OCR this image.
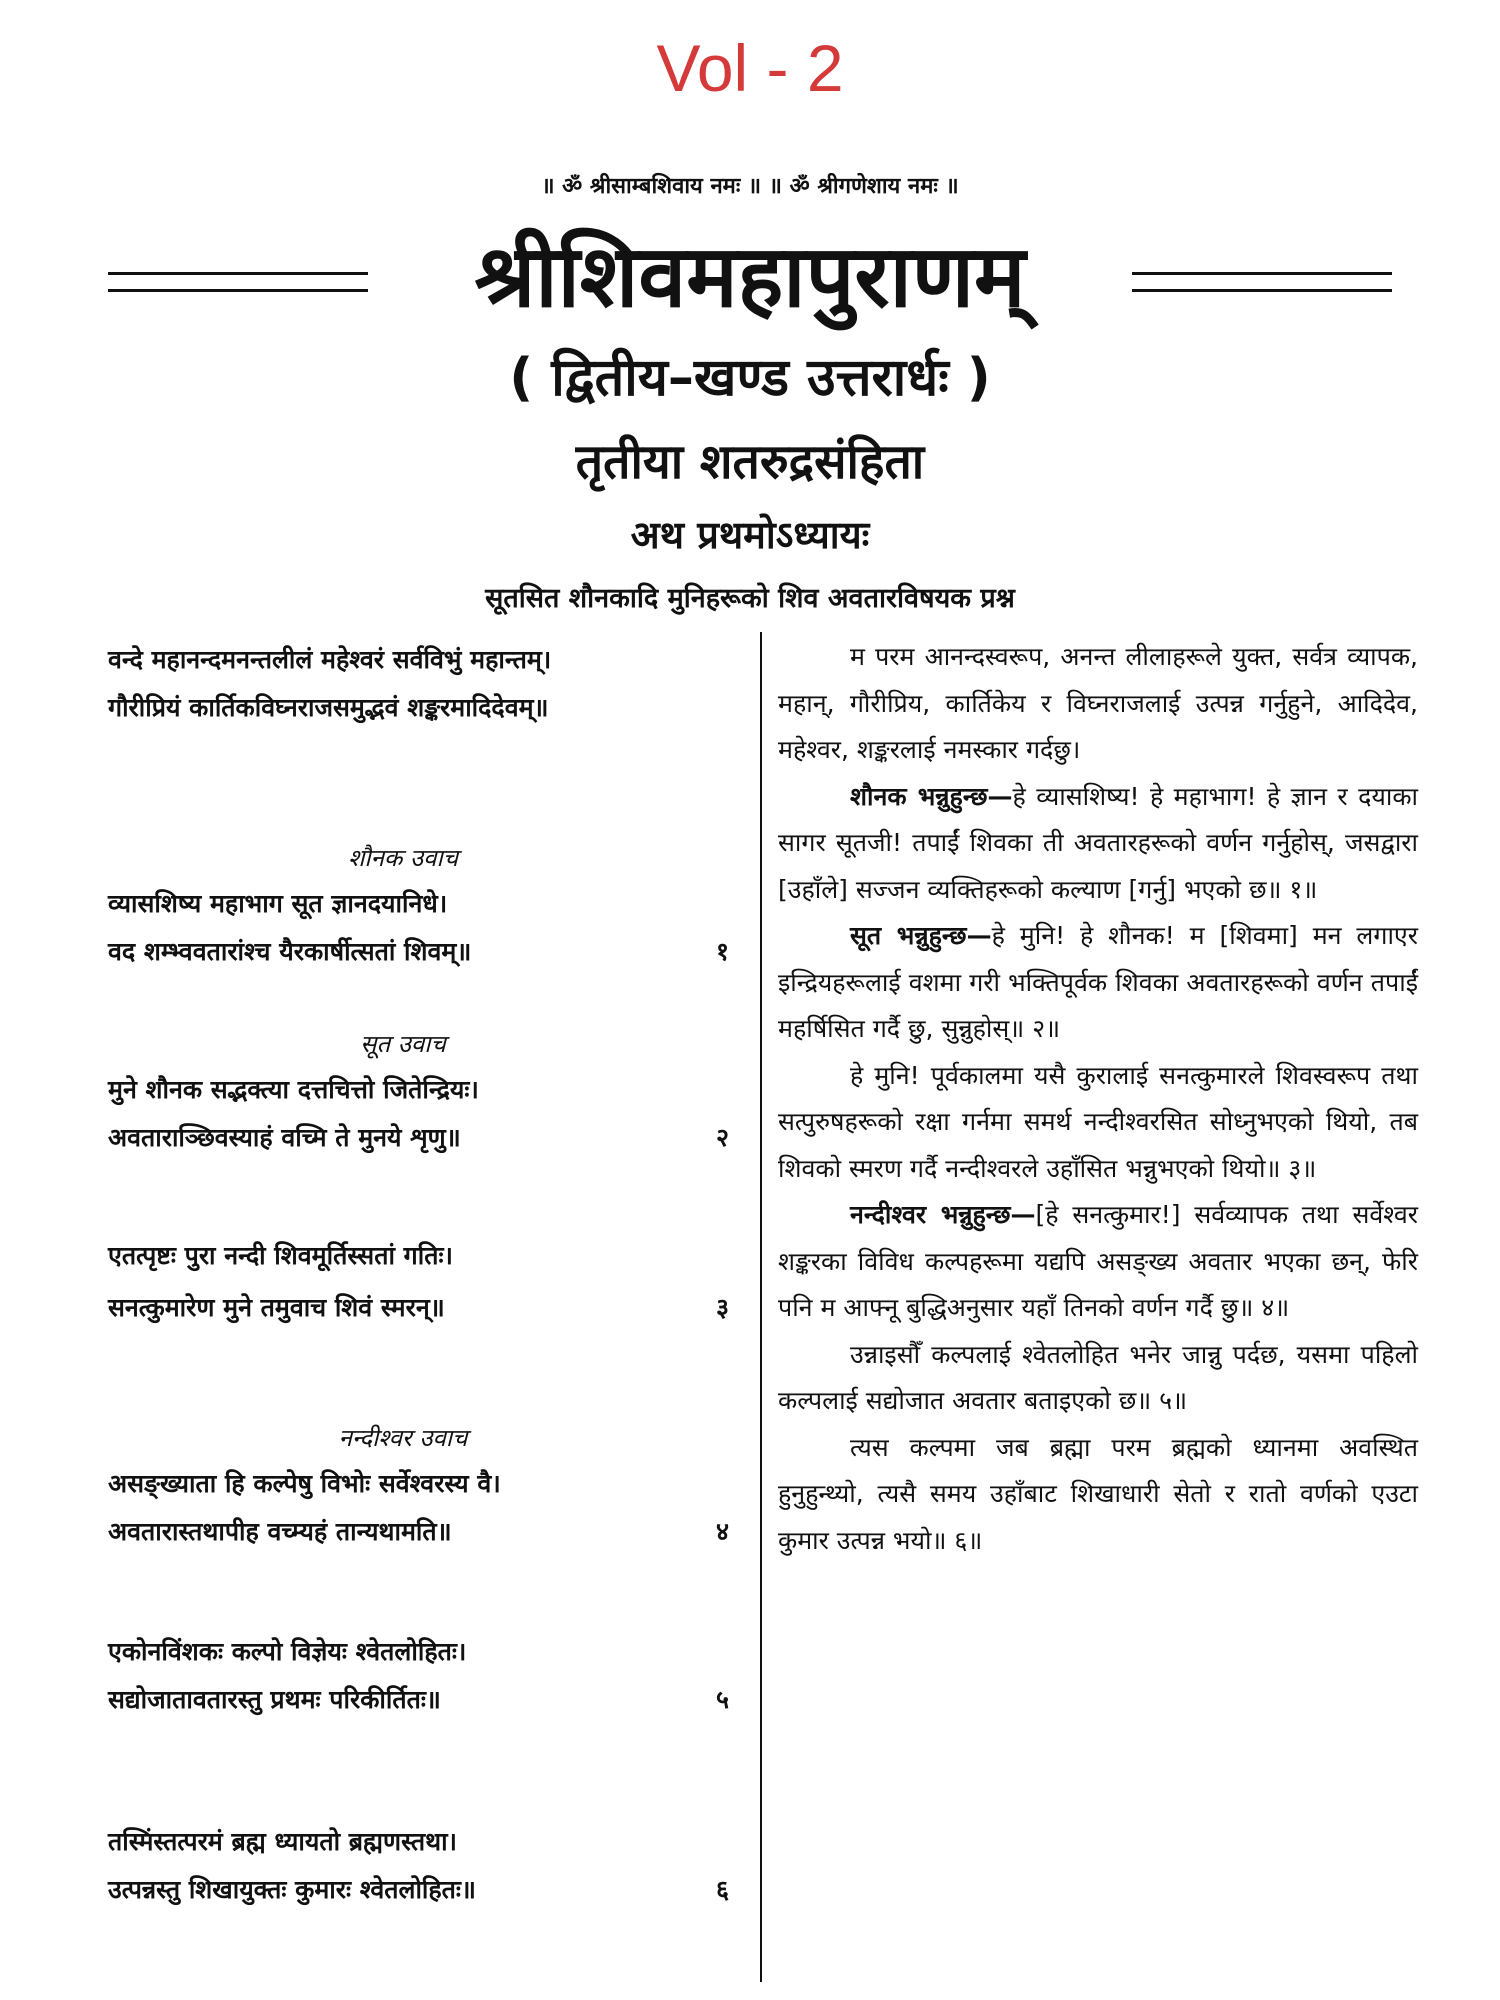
Vol - 2
॥ ॐ श्रीसाम्बशिवाय नमः ॥ ॥ ॐ श्रीगणेशाय नमः ॥
श्रीशिवमहापुराणम्
( द्वितीय–खण्ड उत्तरार्धः )
तृतीया शतरुद्रसंहिता
अथ प्रथमोऽध्यायः
सूतसित शौनकादि मुनिहरूको शिव अवतारविषयक प्रश्न
वन्दे महानन्दमनन्तलीलं महेश्वरं सर्वविभुं महान्तम्।
गौरीप्रियं कार्तिकविघ्नराजसमुद्भवं शङ्करमादिदेवम्॥
शौनक उवाच
व्यासशिष्य महाभाग सूत ज्ञानदयानिधे।
वद शम्भ्ववतारांश्च यैरकार्षीत्सतां शिवम्॥	१
सूत उवाच
मुने शौनक सद्भक्त्या दत्तचित्तो जितेन्द्रियः।
अवताराञ्छिवस्याहं वच्मि ते मुनये शृणु॥	२
एतत्पृष्टः पुरा नन्दी शिवमूर्तिस्सतां गतिः।
सनत्कुमारेण मुने तमुवाच शिवं स्मरन्॥	३
नन्दीश्वर उवाच
असङ्ख्याता हि कल्पेषु विभोः सर्वेश्वरस्य वै।
अवतारास्तथापीह वच्म्यहं तान्यथामति॥	४
एकोनविंशकः कल्पो विज्ञेयः श्वेतलोहितः।
सद्योजातावतारस्तु प्रथमः परिकीर्तितः॥	५
तस्मिंस्तत्परमं ब्रह्म ध्यायतो ब्रह्मणस्तथा।
उत्पन्नस्तु शिखायुक्तः कुमारः श्वेतलोहितः॥	६

म परम आनन्दस्वरूप, अनन्त लीलाहरूले युक्त, सर्वत्र व्यापक, महान्, गौरीप्रिय, कार्तिकेय र विघ्नराजलाई उत्पन्न गर्नुहुने, आदिदेव, महेश्वर, शङ्करलाई नमस्कार गर्दछु।

शौनक भन्नुहुन्छ—हे व्यासशिष्य! हे महाभाग! हे ज्ञान र दयाका सागर सूतजी! तपाईं शिवका ती अवतारहरूको वर्णन गर्नुहोस्, जसद्वारा [उहाँले] सज्जन व्यक्तिहरूको कल्याण [गर्नु] भएको छ॥ १॥

सूत भन्नुहुन्छ—हे मुनि! हे शौनक! म [शिवमा] मन लगाएर इन्द्रियहरूलाई वशमा गरी भक्तिपूर्वक शिवका अवतारहरूको वर्णन तपाईं महर्षिसित गर्दै छु, सुन्नुहोस्॥ २॥

हे मुनि! पूर्वकालमा यसै कुरालाई सनत्कुमारले शिवस्वरूप तथा सत्पुरुषहरूको रक्षा गर्नमा समर्थ नन्दीश्वरसित सोध्नुभएको थियो, तब शिवको स्मरण गर्दै नन्दीश्वरले उहाँसित भन्नुभएको थियो॥ ३॥

नन्दीश्वर भन्नुहुन्छ—[हे सनत्कुमार!] सर्वव्यापक तथा सर्वेश्वर शङ्करका विविध कल्पहरूमा यद्यपि असङ्ख्य अवतार भएका छन्, फेरि पनि म आफ्नू बुद्धिअनुसार यहाँ तिनको वर्णन गर्दै छु॥ ४॥

उन्नाइसौँ कल्पलाई श्वेतलोहित भनेर जान्नु पर्दछ, यसमा पहिलो कल्पलाई सद्योजात अवतार बताइएको छ॥ ५॥

त्यस कल्पमा जब ब्रह्मा परम ब्रह्मको ध्यानमा अवस्थित हुनुहुन्थ्यो, त्यसै समय उहाँबाट शिखाधारी सेतो र रातो वर्णको एउटा कुमार उत्पन्न भयो॥ ६॥
